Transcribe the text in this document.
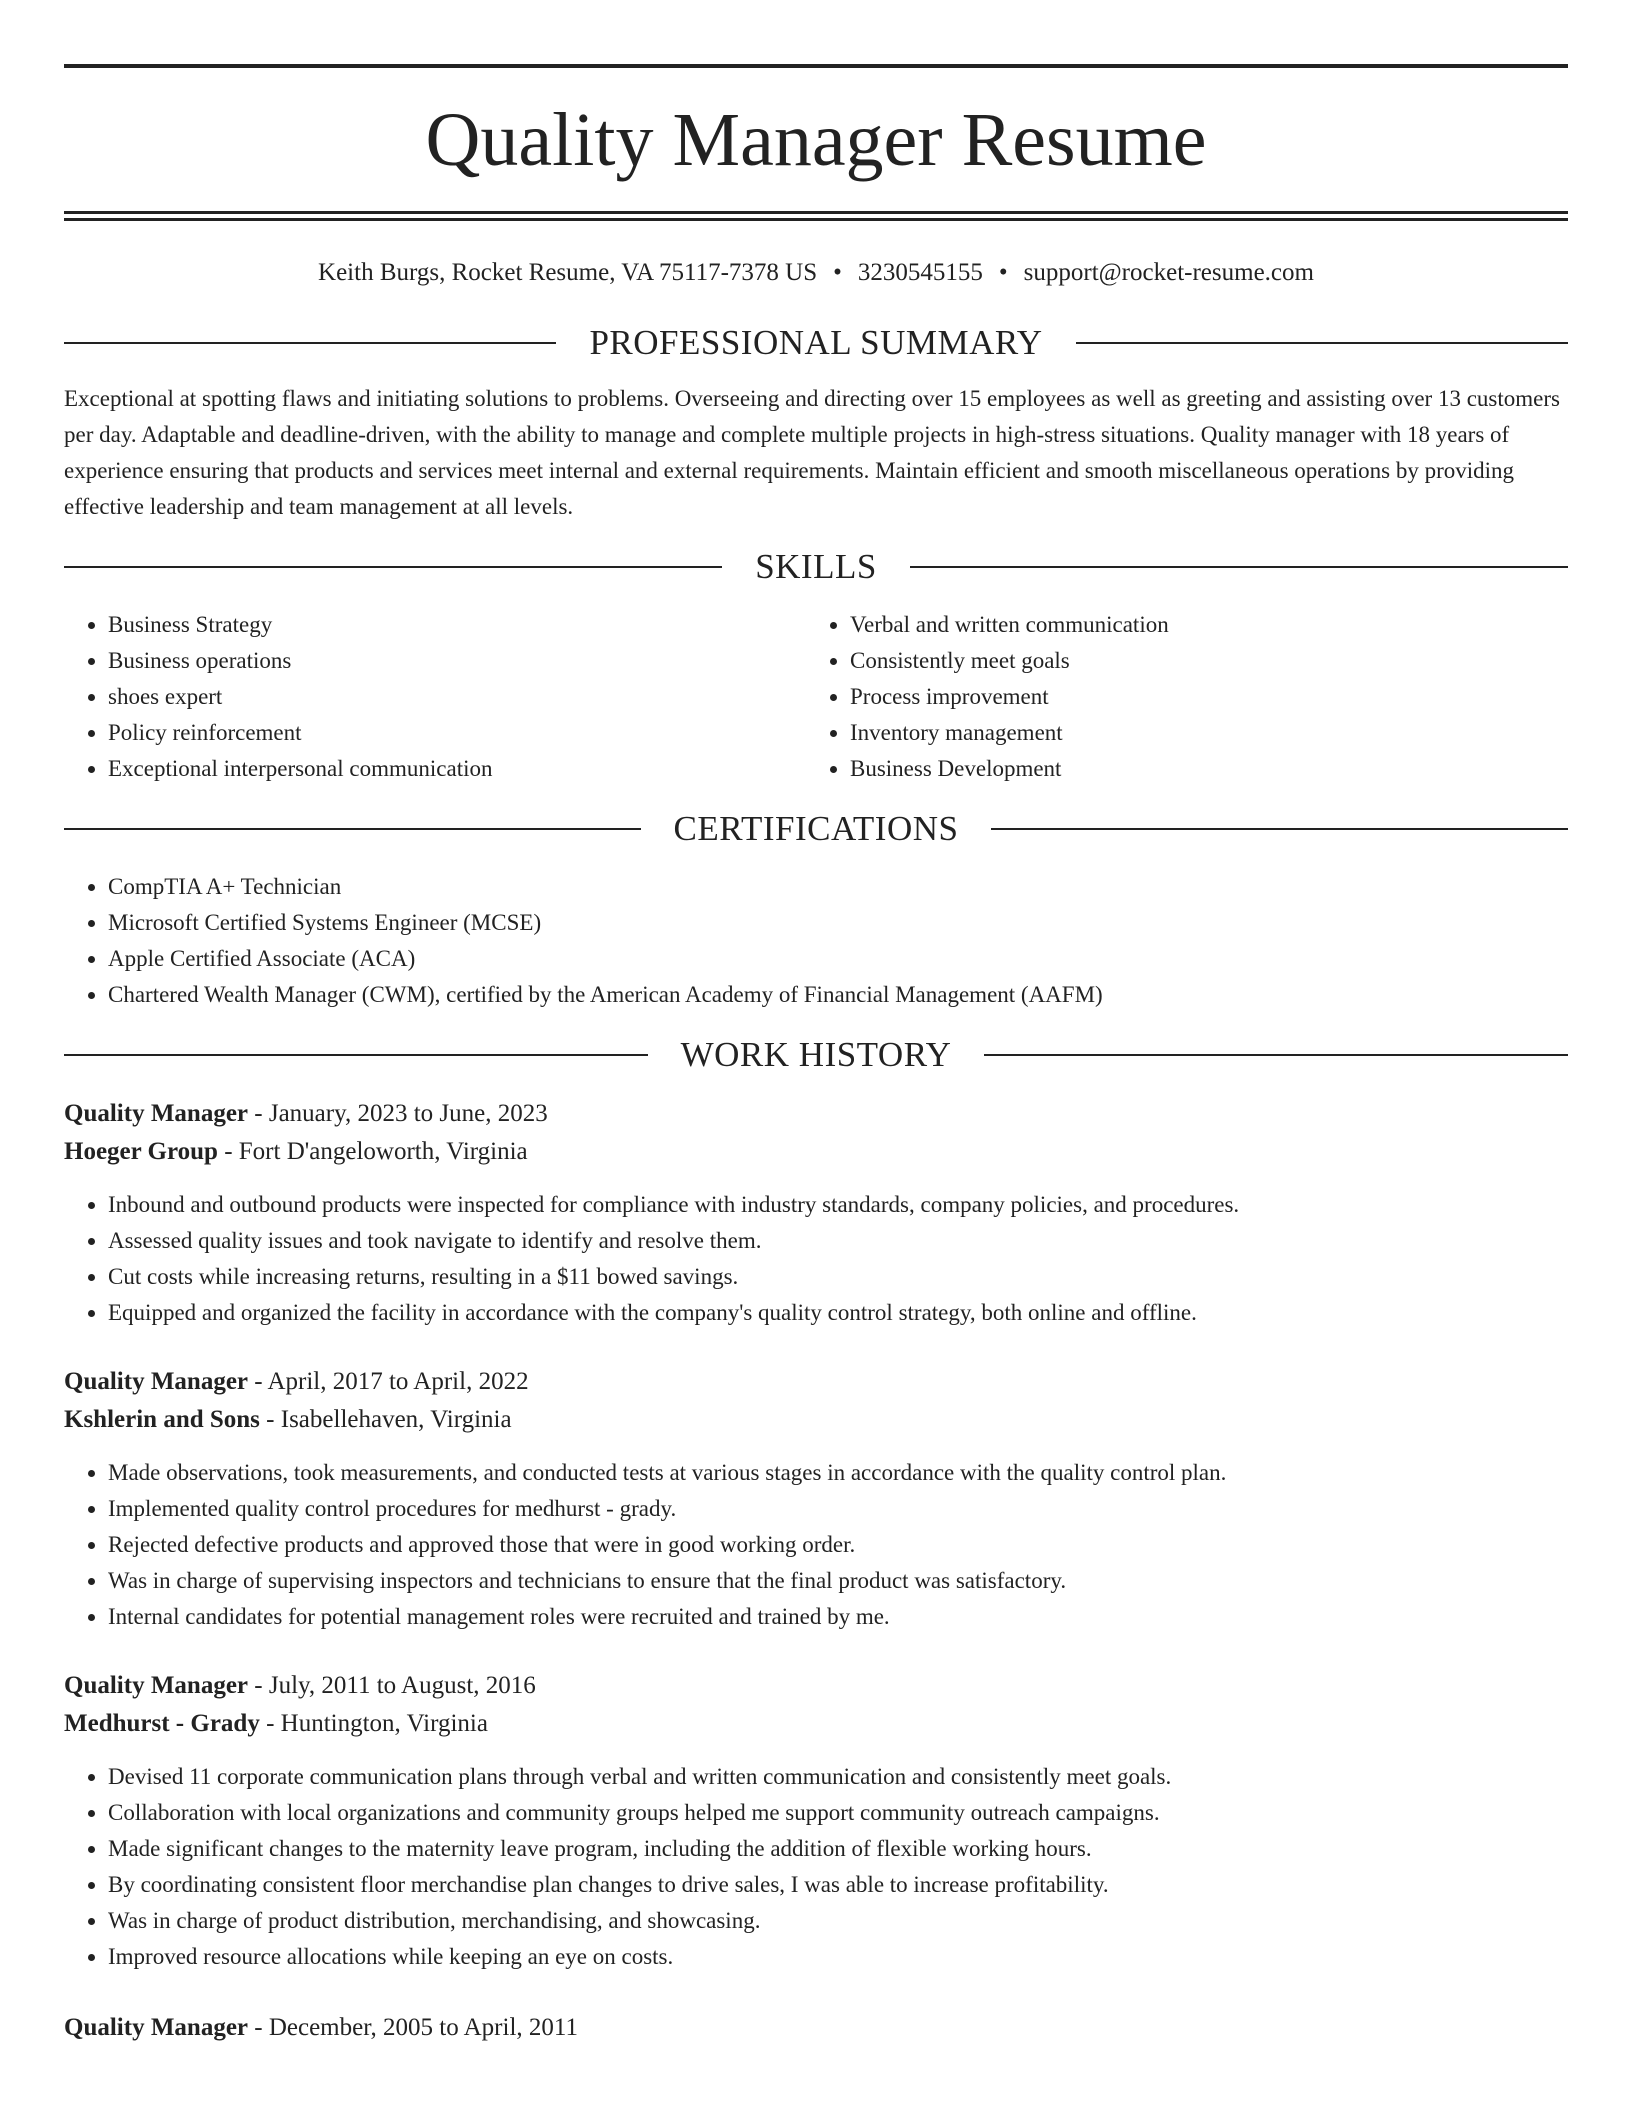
Quality Manager Resume
Keith Burgs, Rocket Resume, VA 75117-7378 US • 3230545155 • support@rocket-resume.com
PROFESSIONAL SUMMARY

Exceptional at spotting flaws and initiating solutions to problems. Overseeing and directing over 15 employees as well as greeting and assisting over 13 customers per day. Adaptable and deadline-driven, with the ability to manage and complete multiple projects in high-stress situations. Quality manager with 18 years of experience ensuring that products and services meet internal and external requirements. Maintain efficient and smooth miscellaneous operations by providing effective leadership and team management at all levels.

SKILLS
• Business Strategy
• Business operations
• shoes expert
• Policy reinforcement
• Exceptional interpersonal communication
• Verbal and written communication
• Consistently meet goals
• Process improvement
• Inventory management
• Business Development
CERTIFICATIONS
• CompTIA A+ Technician
• Microsoft Certified Systems Engineer (MCSE)
• Apple Certified Associate (ACA)
• Chartered Wealth Manager (CWM), certified by the American Academy of Financial Management (AAFM)
WORK HISTORY
Quality Manager - January, 2023 to June, 2023
Hoeger Group - Fort D'angeloworth, Virginia
• Inbound and outbound products were inspected for compliance with industry standards, company policies, and procedures.
• Assessed quality issues and took navigate to identify and resolve them.
• Cut costs while increasing returns, resulting in a $11 bowed savings.
• Equipped and organized the facility in accordance with the company's quality control strategy, both online and offline.
Quality Manager - April, 2017 to April, 2022
Kshlerin and Sons - Isabellehaven, Virginia
• Made observations, took measurements, and conducted tests at various stages in accordance with the quality control plan.
• Implemented quality control procedures for medhurst - grady.
• Rejected defective products and approved those that were in good working order.
• Was in charge of supervising inspectors and technicians to ensure that the final product was satisfactory.
• Internal candidates for potential management roles were recruited and trained by me.
Quality Manager - July, 2011 to August, 2016
Medhurst - Grady - Huntington, Virginia
• Devised 11 corporate communication plans through verbal and written communication and consistently meet goals.
• Collaboration with local organizations and community groups helped me support community outreach campaigns.
• Made significant changes to the maternity leave program, including the addition of flexible working hours.
• By coordinating consistent floor merchandise plan changes to drive sales, I was able to increase profitability.
• Was in charge of product distribution, merchandising, and showcasing.
• Improved resource allocations while keeping an eye on costs.
Quality Manager - December, 2005 to April, 2011
